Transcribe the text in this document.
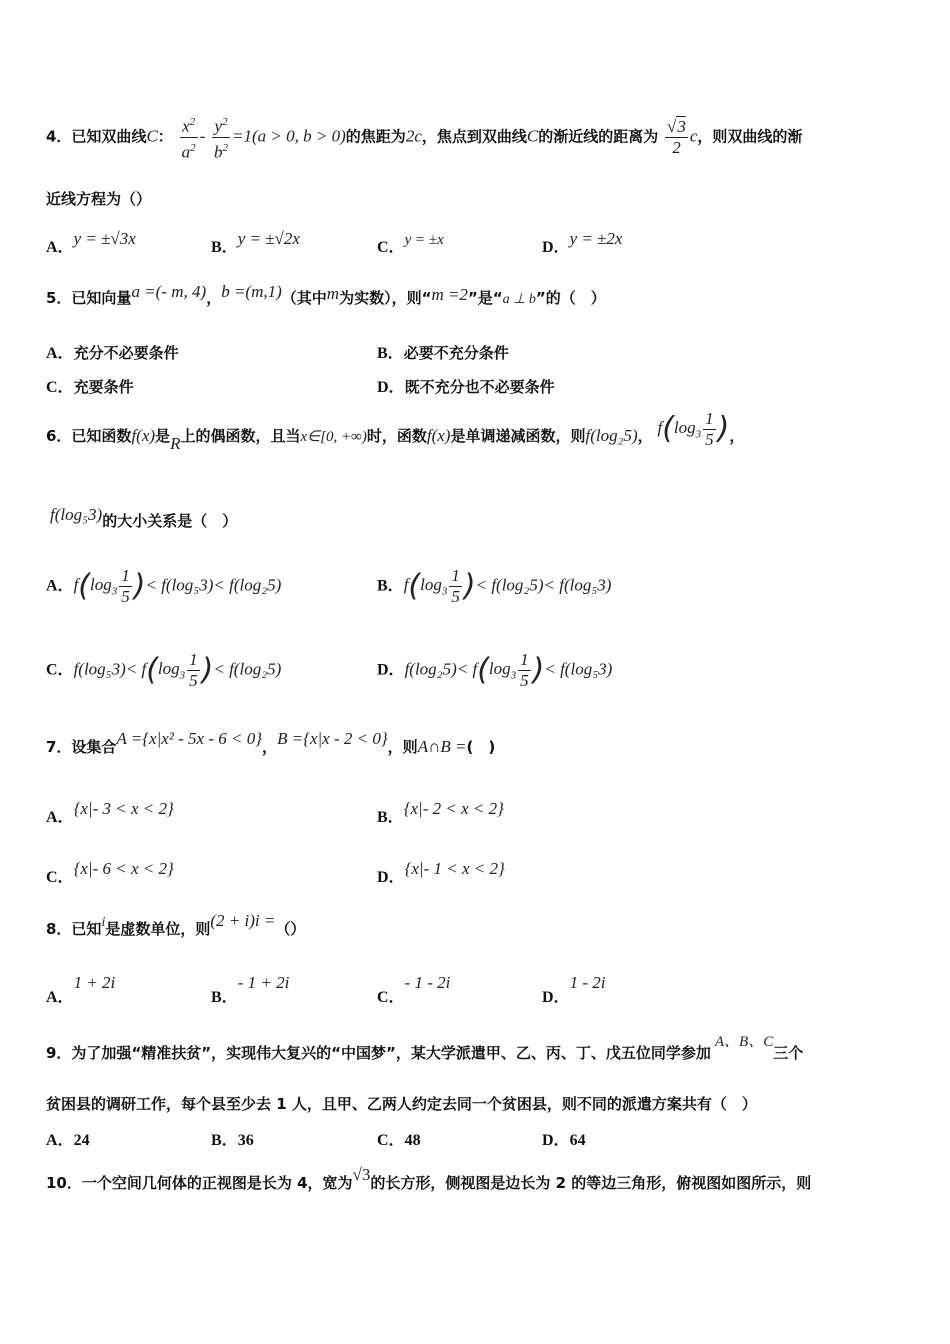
4．已知双曲线C： $\frac{x^2}{a^2} - \frac{y^2}{b^2} =1(a > 0$, b > 0)的焦距为2c，焦点到双曲线C的渐近线的距离为 $\frac{√3}{2}$ c，则双曲线的渐
近线方程为（）
A．y = ±√3x	B．y = ±√2x	C．y = ±x	D．y = ±2x
5．已知向量a =(- m, 4)，b =(m,1)（其中m为实数），则“m =2”是“a ⊥ b”的（　）
A．充分不必要条件	B．必要不充分条件
C．充要条件	D．既不充分也不必要条件
6．已知函数f(x)是R上的偶函数，且当x∈[0, +∞)时，函数f(x)是单调递减函数，则f(log₂5)， $f(\log_3 \frac{1}{5}$ )，
f(log₅3)的大小关系是（　）
A．$f(\log_3 \frac{1}{5}$ )< f(log₅3)< f(log₂5)	B．$f(\log_3 \frac{1}{5}$ )< f(log₂5)< f(log₅3)
C．$f(\log_53)< f(\log_3 \frac{1}{5}$ )< f(log₂5)	D．$f(\log_25)< f(\log_3 \frac{1}{5}$ )< f(log₅3)
7．设集合A ={x|x² - 5x - 6 < 0}，B ={x|x - 2 < 0}，则A∩B =(　)
A．{x|- 3 < x < 2}	B．{x|- 2 < x < 2}
C．{x|- 6 < x < 2}	D．{x|- 1 < x < 2}
8．已知i是虚数单位，则(2 + i)i =（）
A．1 + 2i
B．- 1 + 2i
C．- 1 - 2i
D．1 - 2i
9．为了加强“精准扶贫”，实现伟大复兴的“中国梦”，某大学派遣甲、乙、丙、丁、戊五位同学参加A、B、C三个
贫困县的调研工作，每个县至少去 1 人，且甲、乙两人约定去同一个贫困县，则不同的派遣方案共有（　）
A．24	B．36	C．48	D．64
10．一个空间几何体的正视图是长为 4，宽为√3的长方形，侧视图是边长为 2 的等边三角形，俯视图如图所示，则
